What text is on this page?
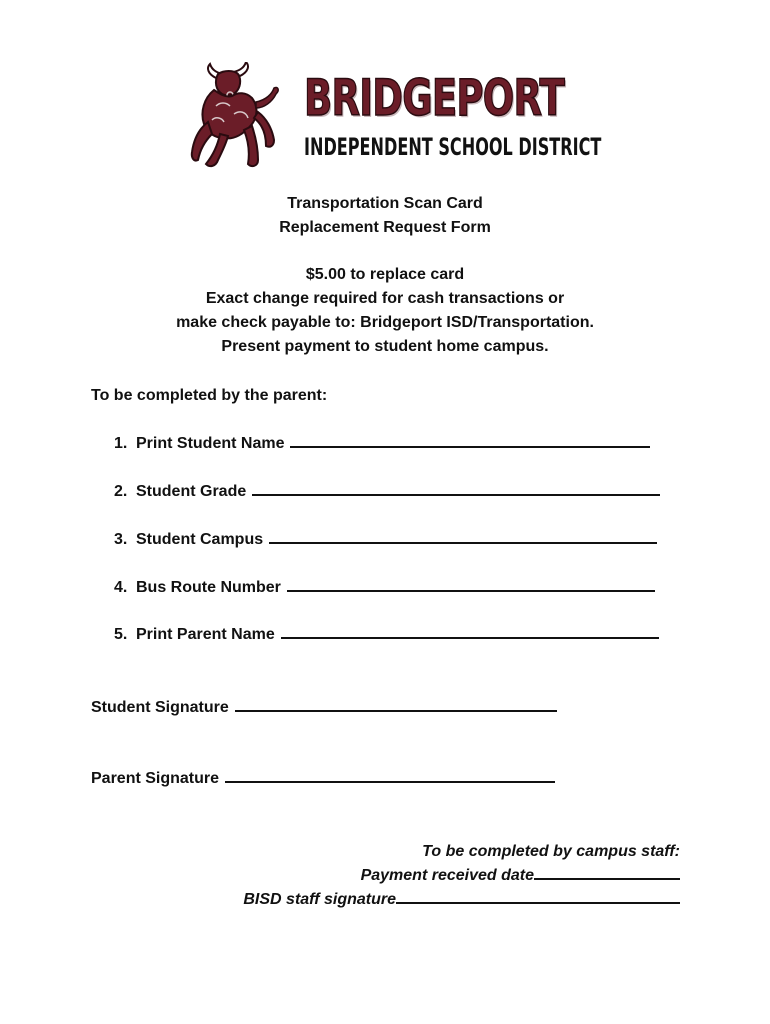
BRIDGEPORT
INDEPENDENT SCHOOL DISTRICT
Transportation Scan Card
Replacement Request Form
$5.00 to replace card
Exact change required for cash transactions or
make check payable to: Bridgeport ISD/Transportation.
Present payment to student home campus.
To be completed by the parent:
1. Print Student Name
2. Student Grade
3. Student Campus
4. Bus Route Number
5. Print Parent Name
Student Signature
Parent Signature
To be completed by campus staff:
Payment received date
BISD staff signature
